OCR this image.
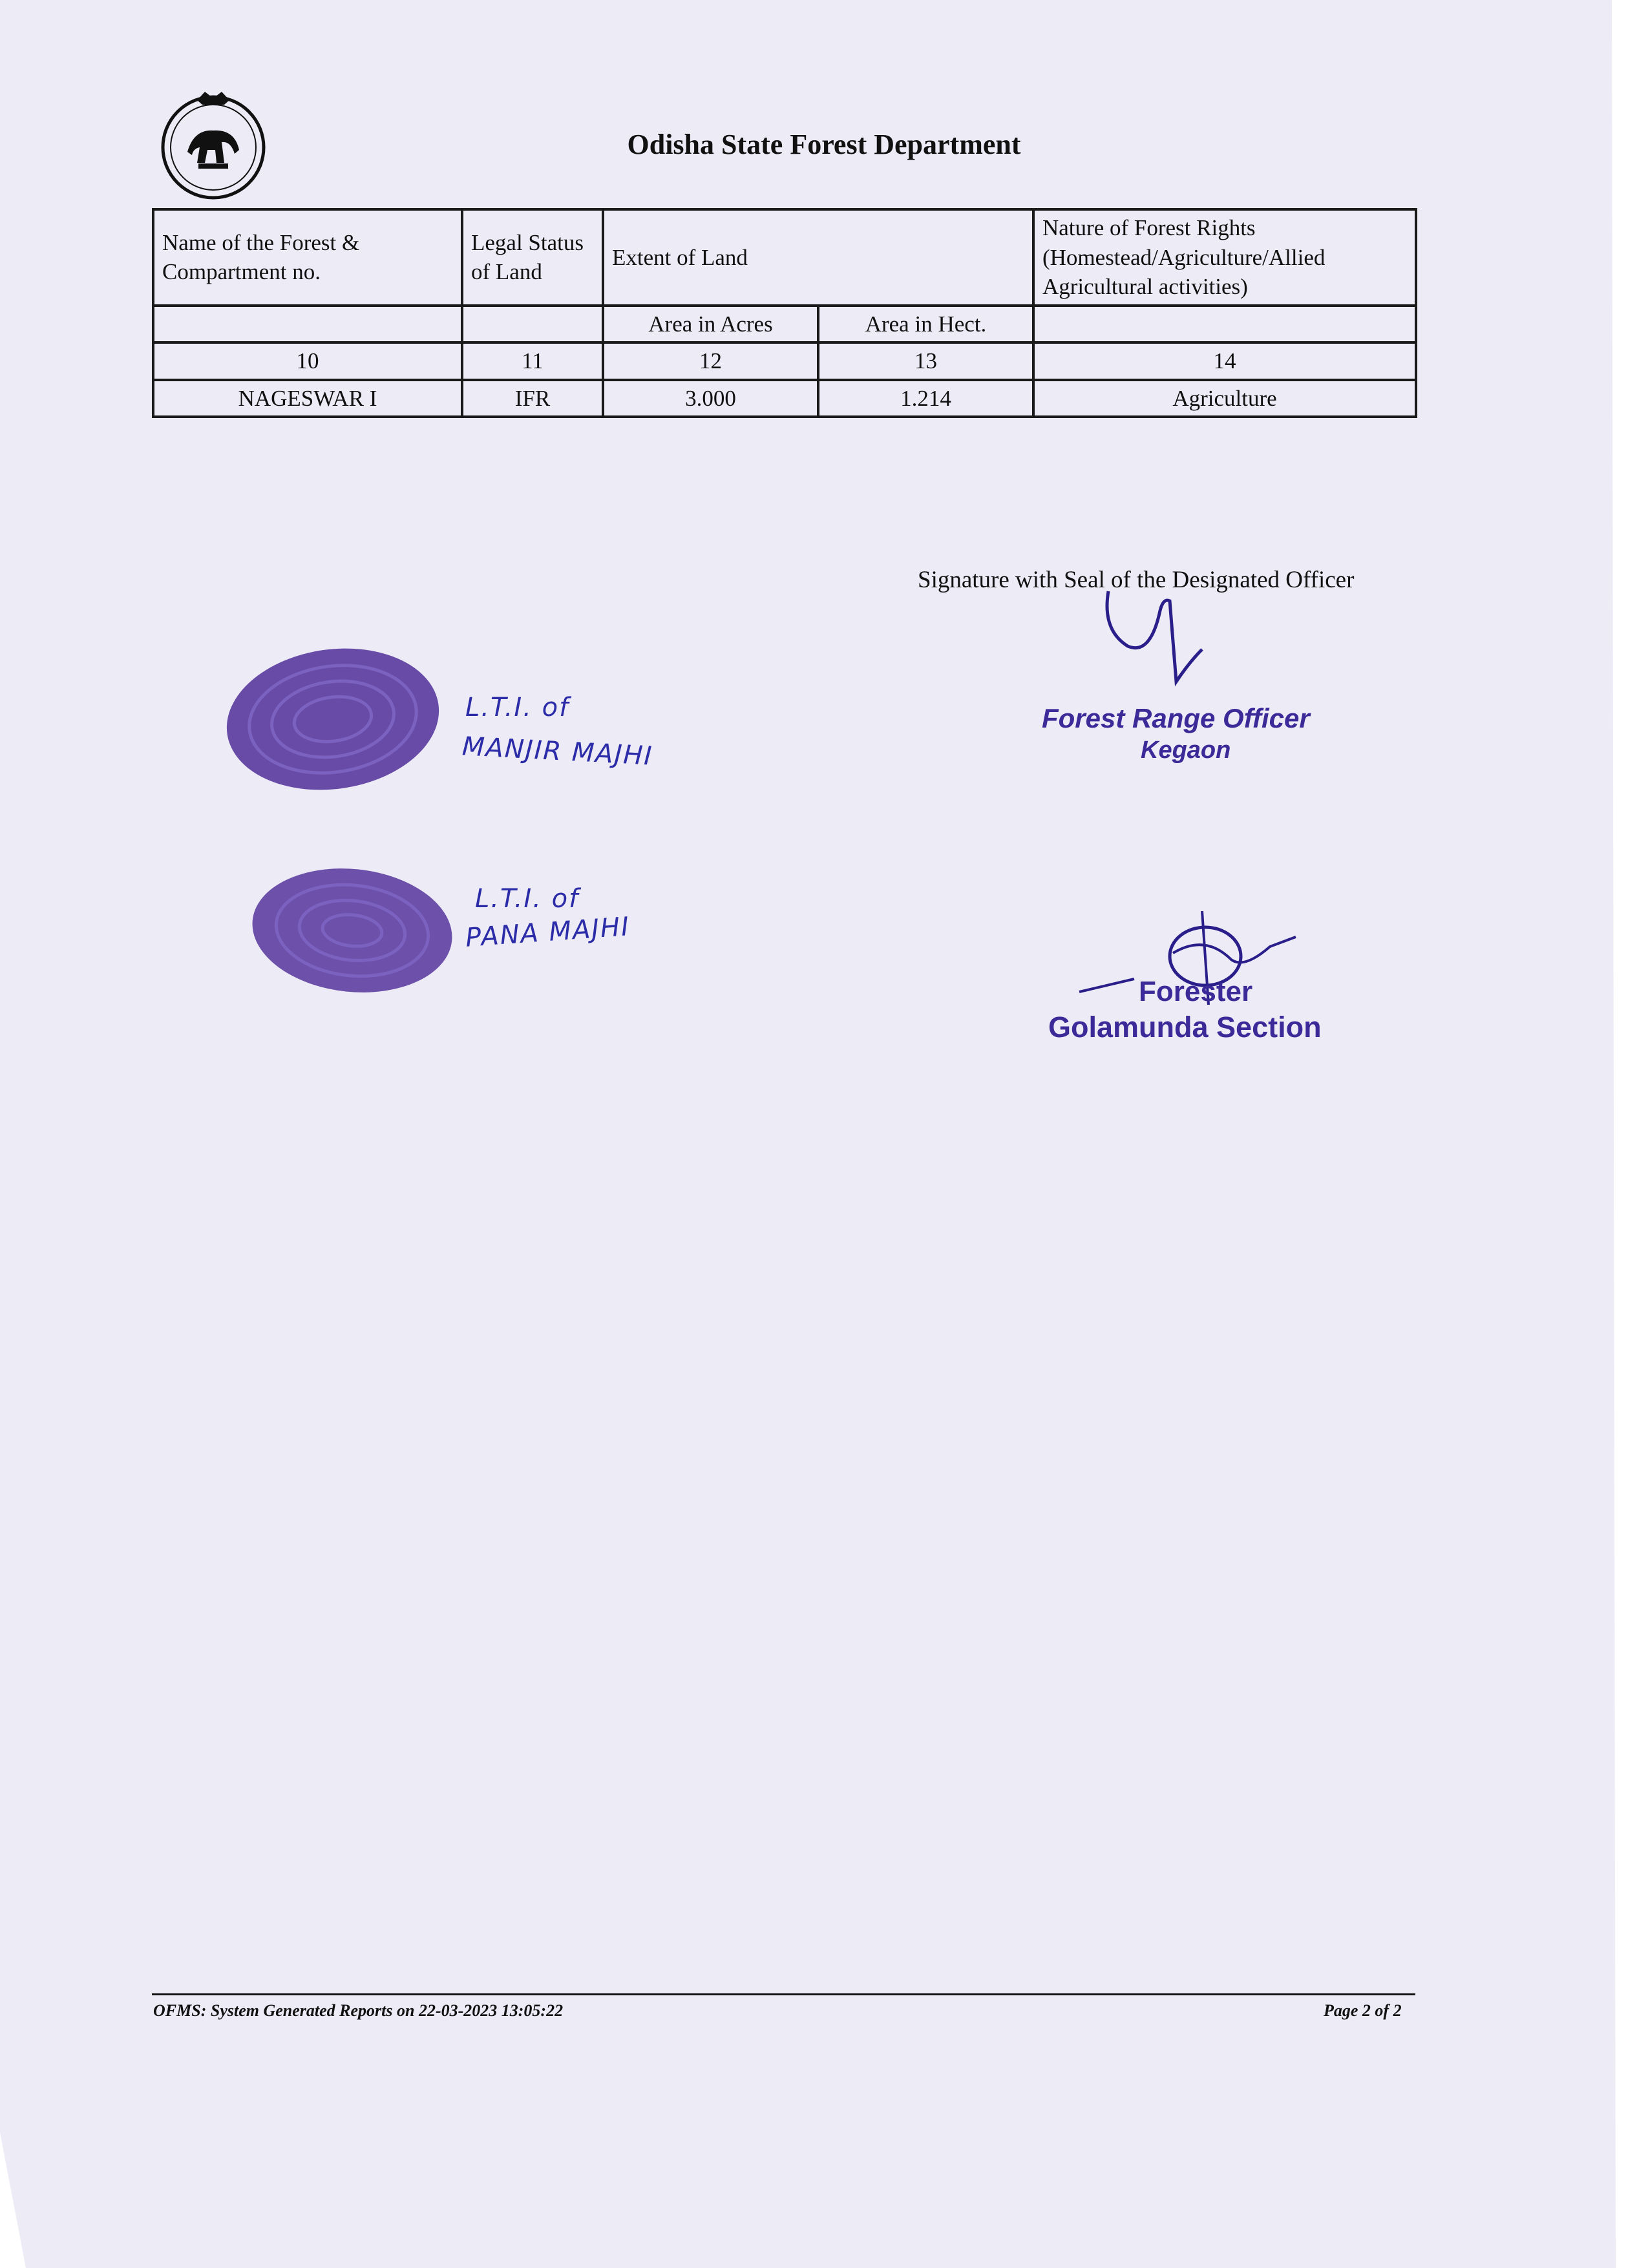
Odisha State Forest Department
Name of the Forest & Compartment no.	Legal Status of Land	Extent of Land		Nature of Forest Rights (Homestead/Agriculture/Allied Agricultural activities)
		Area in Acres	Area in Hect.	
10	11	12	13	14
NAGESWAR I	IFR	3.000	1.214	Agriculture
Signature with Seal of the Designated Officer
L.T.I. of
MANJIR MAJHI
L.T.I. of
PANA MAJHI
Forest Range Officer
Kegaon
Forester
Golamunda Section
OFMS: System Generated Reports on 22-03-2023 13:05:22	Page 2 of 2
